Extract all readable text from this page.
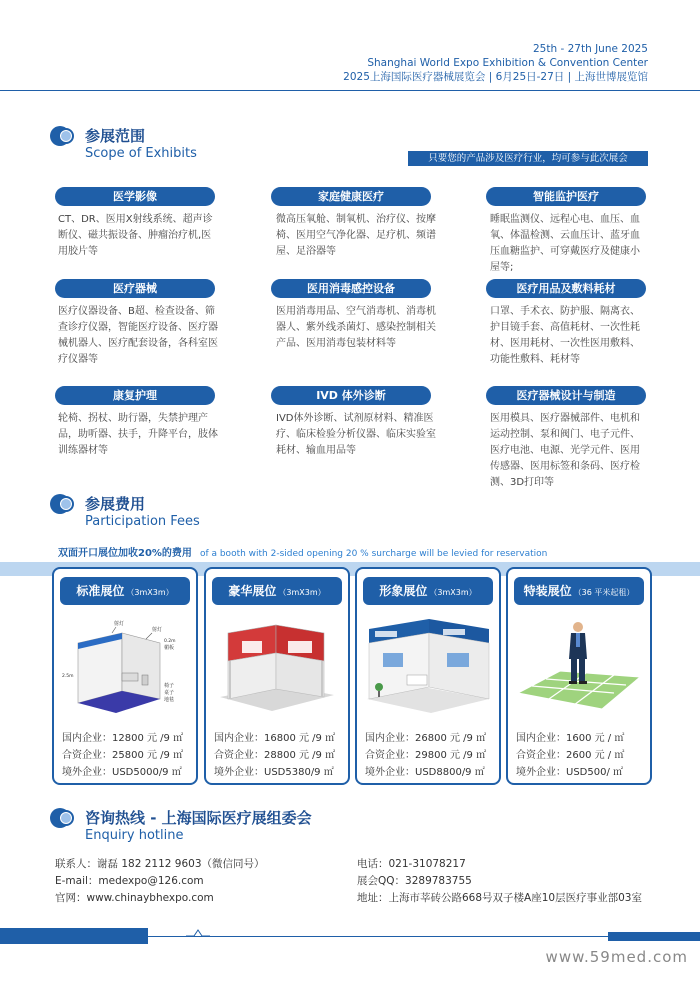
25th - 27th June 2025
Shanghai World Expo Exhibition & Convention Center
2025上海国际医疗器械展览会 | 6月25日-27日 | 上海世博展览馆
参展范围
Scope of Exhibits	只要您的产品涉及医疗行业，均可参与此次展会
医学影像
CT、DR、医用X射线系统、超声诊断仪、磁共振设备、肿瘤治疗机,医用胶片等
家庭健康医疗
微高压氧舱、制氧机、治疗仪、按摩椅、医用空气净化器、足疗机、频谱屋、足浴器等
智能监护医疗
睡眠监测仪、远程心电、血压、血氧、体温检测、云血压计、蓝牙血压血糖监护、可穿戴医疗及健康小屋等;
医疗器械
医疗仪器设备、B超、检查设备、筛查诊疗仪器，智能医疗设备、医疗器械机器人、医疗配套设备，各科室医疗仪器等
医用消毒感控设备
医用消毒用品、空气消毒机、消毒机器人、紫外线杀菌灯、感染控制相关产品、医用消毒包装材料等
医疗用品及敷料耗材
口罩、手术衣、防护服、隔离衣、护目镜手套、高值耗材、一次性耗材、医用耗材、一次性医用敷料、功能性敷料、耗材等
康复护理
轮椅、拐杖、助行器，失禁护理产品，助听器、扶手，升降平台，肢体训练器材等
IVD 体外诊断
IVD体外诊断、试剂原材料、精准医疗、临床检验分析仪器、临床实验室耗材、输血用品等
医疗器械设计与制造
医用模具、医疗器械部件、电机和运动控制、泵和阀门、电子元件、医疗电池、电源、光学元件、医用传感器、医用标签和条码、医疗检测、3D打印等
参展费用
Participation Fees
双面开口展位加收20%的费用 of a booth with 2-sided opening 20 % surcharge will be levied for reservation
标准展位 （3mX3m）
射灯
射灯
0.2m
楣板
2.5m
椅子
桌子
地毯
国内企业：12800 元 /9 ㎡
合资企业：25800 元 /9 ㎡
境外企业：USD5000/9 ㎡
豪华展位 （3mX3m）
国内企业：16800 元 /9 ㎡
合资企业：28800 元 /9 ㎡
境外企业：USD5380/9 ㎡
形象展位 （3mX3m）
国内企业：26800 元 /9 ㎡
合资企业：29800 元 /9 ㎡
境外企业：USD8800/9 ㎡
特装展位 （36 平米起租）
国内企业：1600 元 / ㎡
合资企业：2600 元 / ㎡
境外企业：USD500/ ㎡
咨询热线 - 上海国际医疗展组委会
Enquiry hotline
联系人：谢磊 182 2112 9603（微信同号）
E-mail：medexpo@126.com
官网：www.chinaybhexpo.com
电话：021-31078217
展会QQ：3289783755
地址：上海市莘砖公路668号双子楼A座10层医疗事业部03室
www.59med.com
